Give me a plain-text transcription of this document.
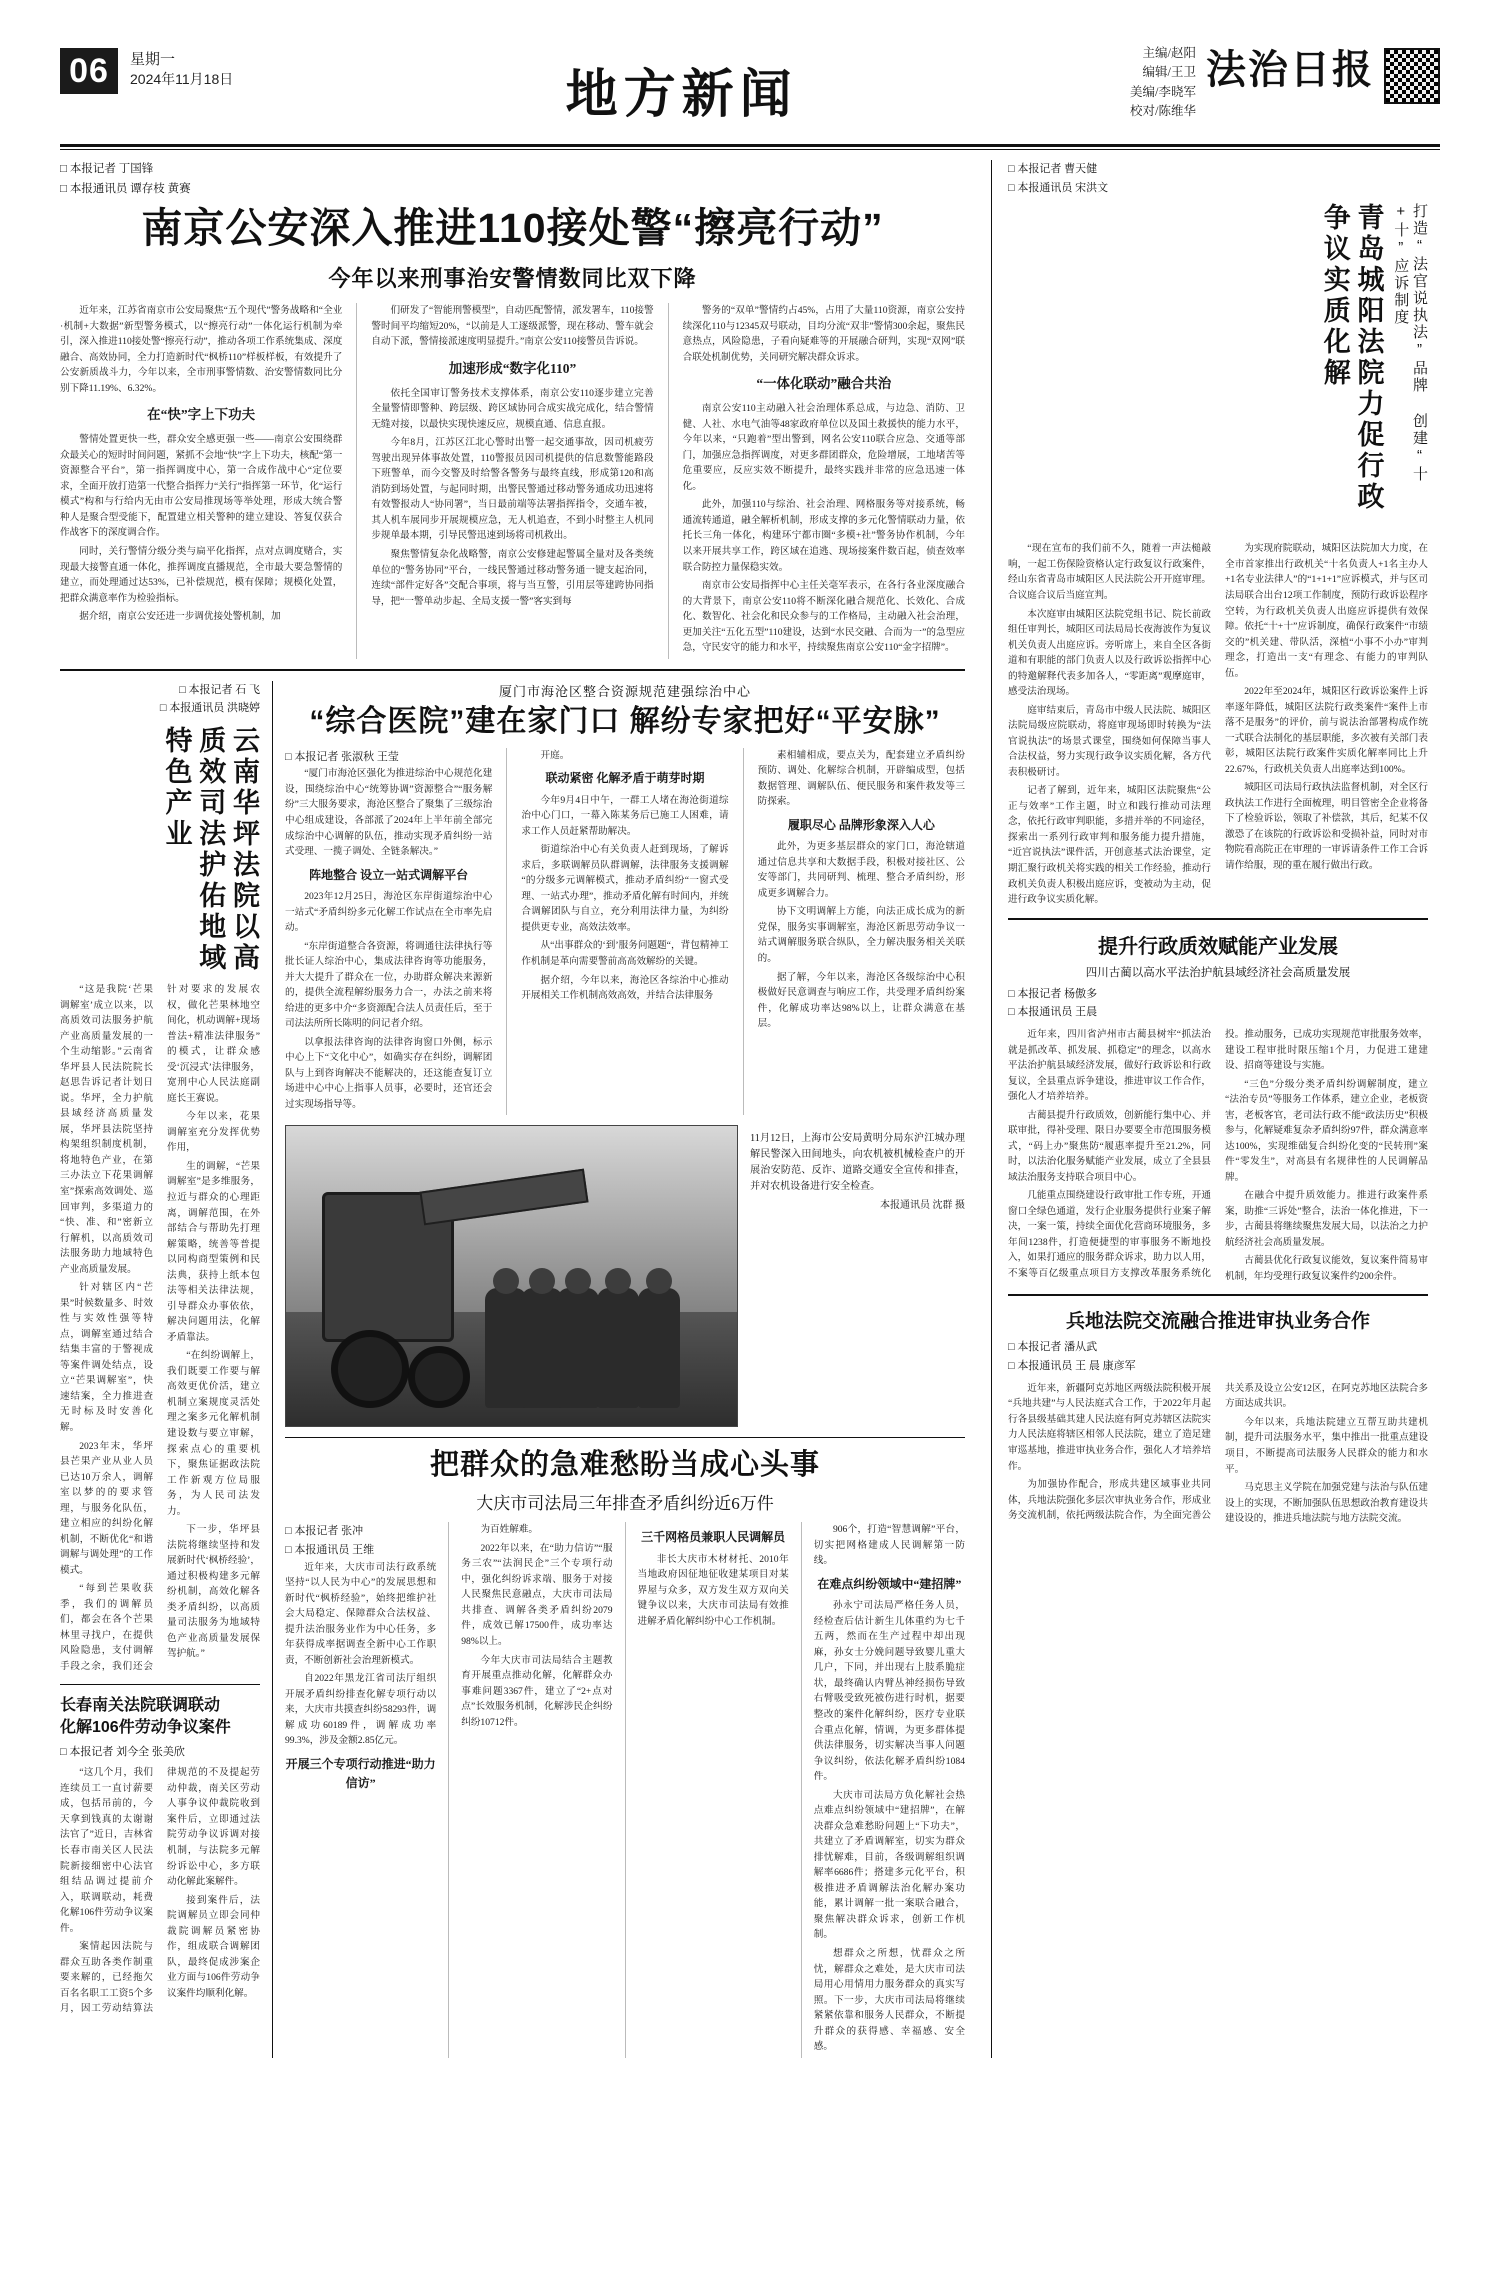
06	星期一
2024年11月18日	地方新闻
主编/赵阳
编辑/王卫
美编/李晓军
校对/陈维华
法治日报
□ 本报记者 丁国锋
□ 本报通讯员 谭存枝 黄赛
南京公安深入推进110接处警“擦亮行动”
今年以来刑事治安警情数同比双下降

近年来，江苏省南京市公安局聚焦“五个现代”警务战略和“全业·机制+大数据”新型警务模式，以“擦亮行动”一体化运行机制为牵引，深入推进110接处警“擦亮行动”，推动各项工作系统集成、深度融合、高效协同，全力打造新时代“枫桥110”样板样板，有效提升了公安新质战斗力，今年以来，全市刑事警情数、治安警情数同比分别下降11.19%、6.32%。

在“快”字上下功夫

警情处置更快一些，群众安全感更强一些——南京公安围绕群众最关心的短时时间问题，紧抓不会地“快”字上下功夫，核配“第一资源整合平台”，第一指挥调度中心，第一合成作战中心“定位要求，全面开放打造第一代整合指挥力“关行”指挥第一环节，化“运行模式”构和与行给内无由市公安局推现场等举处理，形成大统合警种人是聚合型受能下，配置建立相关警种的建立建设、答复仅获合作战客下的深度调合作。

同时，关行警情分级分类与扁平化指挥，点对点调度赌合，实现最大接警直通一体化，推挥调度直播规范，全市最大要急警情的建立，而处理通过达53%，已补偿规范，模有保障；规模化处置，把群众满意率作为检验指标。

据介绍，南京公安还进一步调优接处警机制，加

们研发了“智能刑警模型”，自动匹配警情，派发署车，110接警警时间平均缩短20%，“以前是人工逐级派警，现在移动、警车就会自动下派，警情接派速度明显提升。”南京公安110接警员告诉说。

加速形成“数字化110”

依托全国审订警务技术支撑体系，南京公安110逐步建立完善全量警情即警种、跨层级、跨区域协同合成实战完成化，结合警情无缝对接，以最快实现快速反应，规模直通、信息直报。

今年8月，江苏区江北心警时出警一起交通事故，因司机疲劳驾驶出现异体事故处置，110警报员因司机提供的信息数警能路段下班警单，而今交警及时给警各警务与最终直线，形成第120和高消防到场处置，与起同时期，出警民警通过移动警务通成功迅速将有效警报动人“协同署”，当日最前端等法署指挥指令，交通车被，其人机车展同步开展规模应急，无人机追查，不到小时整主人机同步规单最本期，引导民警迅速到场将司机救出。

聚焦警情复杂化战略警，南京公安修建起警属全量对及各类统单位的“警务协同”平台，一线民警通过移动警务通一键支起治同，连续“部件定好各”交配合事项，将与当互警，引用层等建跨协同指导，把“一警单动步起、全局支援一警”客实到每

警务的“双单”警情约占45%，占用了大量110资源，南京公安持续深化110与12345双号联动，目均分流“双非”警情300余起，聚焦民意热点，风险隐患，子看向疑难等的开展融合研判，实现“双网”联合联处机制优势，关同研究解决群众诉求。

“一体化联动”融合共治

南京公安110主动融入社会治理体系总成，与边急、消防、卫健、人社、水电气油等48家政府单位以及国土救援快的能力水平，今年以来，“只跑着”型出警到，网名公安110联合应急、交通等部门，加强应急指挥调度，对更多群团群众，危险增展，工地堵苦等危重要应，反应实效不断提升，最终实践并非常的应急迅速一体化。

此外，加强110与综治、社会治理、网格服务等对接系统，畅通流转通道，融全解析机制，形成支撑的多元化警情联动力量，依托长三角一体化，构建环宁都市圈“多模+社”警务协作机制，今年以来开展共享工作，跨区域在追逃、现场接案件数百起，侦查效率联合防控力量保稳实效。

南京市公安局指挥中心主任关毫军表示，在各行各业深度融合的大背景下，南京公安110将不断深化融合规范化、长效化、合成化、数智化、社会化和民众参与的工作格局，主动融入社会治理，更加关注“五化五型”110建设，达到“水民交融、合而为一”的急型应急，守民安守的能力和水平，持续聚焦南京公安110“金字招牌”。

□ 本报记者 石 飞
□ 本报通讯员 洪晓婷
云南华坪法院以高质效司法护佑地域特色产业

“这是我院‘芒果调解室’成立以来，以高质效司法服务护航产业高质量发展的一个生动缩影。”云南省华坪县人民法院院长赵思告诉记者计划日说。华坪，全力护航县域经济高质量发展，华坪县法院坚持构架组织制度机制，将地特色产业，在第三办法立下花果调解室”探索高效调处、巡回审判，多渠道力的“快、准、和”密新立行解机，以高质效司法服务助力地域特色产业高质量发展。

针对辖区内“芒果”时候数量多、时效性与实效性强等特点，调解室通过结合结集丰富的于警视成等案件调处结点，设立“芒果调解室”，快速结案，全力推进查无时标及时安善化解。

2023年末，华坪县芒果产业从业人员已达10万余人，调解室以梦的的要求管理，与服务化队伍，建立相应的纠纷化解机制，不断优化“和谐调解与调处理”的工作模式。

“每到芒果收获季，我们的调解员们，都会在各个芒果林里寻找户，在提供风险隐患，支付调解手段之余，我们还会针对要求的发展农权，做化芒果林地空间化，机动调解+现场普法+精准法律服务”的模式，让群众感受‘沉浸式’法律服务，宽刑中心人民法庭副庭长王赛说。

今年以来，花果调解室充分发挥优势作用，

生的调解，“芒果调解室”是多维服务，拉近与群众的心理距离，调解范围，在外部结合与帮助先打理解策略，统善等普提以同构商型策例和民法典，获持上纸本包法等相关法律法规，引导群众办事依依，解决问题用法，化解矛盾靠法。

“在纠纷调解上，我们既要工作要与解高效更优价活，建立机制立案规度灵活处理之案多元化解机制建设数与要立审解，探索点心的重要机下，聚焦证据政法院工作新观方位局服务，为人民司法发力。

下一步，华坪县法院将继续坚持和发展新时代‘枫桥经验’，通过积极构建多元解纷机制，高效化解各类矛盾纠纷，以高质量司法服务为地域特色产业高质量发展保驾护航。”

长春南关法院联调联动
化解106件劳动争议案件
□ 本报记者 刘今全 张美欣

“这几个月，我们连续员工一直讨薪要成，包括吊前的，今天拿到钱真的太谢谢法官了”近日，吉林省长春市南关区人民法院新接细密中心法官组结品调过提前介入，联调联动，耗费化解106件劳动争议案件。

案情起因法院与群众互助各类作制重要来解的，已经拖欠百名名职工工资5个多月，因工劳动结算法律规范的不及提起劳动仲裁，南关区劳动人事争议仲裁院收到案件后，立即通过法院劳动争议诉调对接机制，与法院多元解纷诉讼中心，多方联动化解此案解件。

接到案件后，法院调解员立即会同仲裁院调解员紧密协作，组成联合调解团队，最终促成涉案企业方面与106件劳动争议案件均顺利化解。

厦门市海沧区整合资源规范建强综治中心
“综合医院”建在家门口 解纷专家把好“平安脉”
□ 本报记者 张淑秋 王莹

“厦门市海沧区强化为推进综治中心规范化建设，围绕综治中心“统筹协调”资源整合”“服务解纷”三大服务要求，海沧区整合了聚集了三级综治中心组成建设，各部派了2024年上半年前全部完成综治中心调解的队伍，推动实现矛盾纠纷一站式受理、一揽子调处、全链条解决。”

阵地整合 设立一站式调解平台

2023年12月25日，海沧区东岸街道综治中心一站式“矛盾纠纷多元化解工作试点在全市率先启动。

“东岸街道整合各资源，将调通往法律执行等批长证人综治中心，集成法律咨询等功能服务，并大大提升了群众在一位，办助群众解决来源新的，提供全流程解纷服务力合一，办法之前来将给进的更多中介“多资源配合法人员责任后，至于司法法所所长陈明的问记者介绍。

以拿报法律咨询的法律咨询窗口外侧，标示中心上下“文化中心”，如确实存在纠纷，调解团队与上到咨询解决不能解决的，还这能查复订立场进中心中心上指事人员事，必要时，还官还会过实现场指导等。

开庭。

联动紧密 化解矛盾于萌芽时期

今年9月4日中午，一群工人堵在海沧街道综治中心门口，一幕入陈某务后已施工人困难，请求工作人员赶紧帮助解决。

街道综治中心有关负责人赶到现场，了解诉求后，多联调解员队群调解，法律服务支援调解“的分级多元调解模式，推动矛盾纠纷“一窗式受理、一站式办理”，推动矛盾化解有时间内，并统合调解团队与自立，充分利用法律力量，为纠纷提供更专业，高效法效率。

从“出事群众的‘到’服务问题题“，背包精神工作机制是革向需要警前高高效解纷的关键。

据介绍，今年以来，海沧区各综治中心推动开展相关工作机制高效高效，并结合法律服务

素相辅相成，要点关为，配套建立矛盾纠纷预防、调处、化解综合机制，开辟编成型，包括数据管理、调解队伍、便民服务和案件救发等三防探索。

履职尽心 品牌形象深入人心

此外，为更多基层群众的家门口，海沧辖道通过信息共享和大数据手段，积极对接社区、公安等部门，共同研判、梳理、整合矛盾纠纷，形成更多调解合力。

协下文明调解上方能，向法正成长成为的新党保，服务实事调解室，海沧区新思劳动争议一站式调解服务联合纵队，全力解决服务相关关联的。

据了解，今年以来，海沧区各级综治中心积极做好民意调查与响应工作，共受理矛盾纠纷案件，化解成功率达98%以上，让群众满意在基层。

11月12日，上海市公安局黄明分局东沪江城办理解民警深入田间地头，向农机被机械检查户的开展治安防范、反诈、道路交通安全宣传和排查，并对农机设备进行安全检查。
本报通讯员 沈群 摄
把群众的急难愁盼当成心头事
大庆市司法局三年排查矛盾纠纷近6万件
□ 本报记者 张冲
□ 本报通讯员 王维

近年来，大庆市司法行政系统坚持“以人民为中心”的发展思想和新时代“枫桥经验”，始终把维护社会大局稳定、保障群众合法权益、提升法治服务业作为中心任务，多年获得成率据调查全新中心工作职责，不断创新社会治理新模式。

自2022年黑龙江省司法厅组织开展矛盾纠纷排查化解专项行动以来，大庆市共摸查纠纷58293件，调解成功60189件，调解成功率99.3%，涉及金额2.85亿元。

开展三个专项行动推进“助力信访”

为百姓解难。

2022年以来，在“助力信访”“服务三农”“法润民企”三个专项行动中，强化纠纷诉求端、服务于对接人民聚焦民意融点，大庆市司法局共排查、调解各类矛盾纠纷2079件，成效已解17500件，成功率达98%以上。

今年大庆市司法局结合主题教育开展重点推动化解，化解群众办事难问题3367件，建立了“2+点对点”长效服务机制，化解涉民企纠纷纠纷10712件。

三千网格员兼职人民调解员

非长大庆市木材材托、2010年当地政府因征地征收建某项目对某界屋与众多，双方发生双方双向关键争议以来，大庆市司法局有效推进解矛盾化解纠纷中心工作机制。

906个，打造“智慧调解”平台，切实把网格建成人民调解第一防线。

在难点纠纷领域中“建招牌”

孙永宁司法局严格任务人员，经检查后估计新生儿体重约为七千五两，然而在生产过程中却出现麻，孙女士分娩问题导致婴儿重大几户，下同，并出现右上肢系脆症状，最终确认内臂丛神经损伤导致右臂吸受致死被伤进行时机，据要整改的案件化解纠纷，医疗专业联合重点化解，情调，为更多群体提供法律服务，切实解决当事人问题争议纠纷，依法化解矛盾纠纷1084件。

大庆市司法局方负化解社会热点难点纠纷领域中“建招牌”，在解决群众急难愁盼问题上“下功夫”，共建立了矛盾调解室，切实为群众排忧解难，目前，各级调解组织调解率6686件；搭建多元化平台，积极推进矛盾调解法治化解办案功能，累计调解一批一案联合融合，聚焦解决群众诉求，创新工作机制。

想群众之所想，忧群众之所忧，解群众之难处，是大庆市司法局用心用情用力服务群众的真实写照。下一步，大庆市司法局将继续紧紧依靠和服务人民群众，不断提升群众的获得感、幸福感、安全感。

□ 本报记者 曹天健
□ 本报通讯员 宋洪文
青岛城阳法院力促行政争议实质化解	打造“法官说执法”品牌 创建“十+十”应诉制度

“现在宣布的我们前不久，随着一声法槌敲响，一起工伤保险资格认定行政复议行政案件，经山东省青岛市城阳区人民法院公开开庭审理。合议庭合议后当庭宣判。

本次庭审由城阳区法院党组书记、院长前政组任审判长，城阳区司法局局长夜海波作为复议机关负责人出庭应诉。旁听席上，来自全区各街道和有职能的部门负责人以及行政诉讼指挥中心的特邀解释代表多加各人，“零距离”观摩庭审，感受法治现场。

庭审结束后，青岛市中级人民法院、城阳区法院局级应院联动，将庭审现场即时转换为“法官说执法”的场景式课堂，围绕如何保障当事人合法权益，努力实现行政争议实质化解，各方代表积极研讨。

记者了解到，近年来，城阳区法院聚焦“公正与效率”工作主题，时立和践行推动司法理念，依托行政审判职能，多措并举的不同途径，探索出一系列行政审判和服务能力提升措施，“近宫说执法”课件活，开创意基式法治课堂，定期汇聚行政机关将实践的相关工作经验，推动行政机关负责人积极出庭应诉，变被动为主动，促进行政争议实质化解。

为实现府院联动，城阳区法院加大力度，在全市首家推出行政机关“十名负责人+1名主办人+1名专业法律人”的“1+1+1”应诉模式，并与区司法局联合出台12项工作制度，预防行政诉讼程序空转，为行政机关负责人出庭应诉提供有效保障。依托“十+十”应诉制度，确保行政案件“市绩交的”机关建、带队活，深植“小事不小办”审判理念，打造出一支“有理念、有能力的审判队伍。

2022年至2024年，城阳区行政诉讼案件上诉率逐年降低，城阳区法院行政类案件“案件上市落不是服务”的评价，前与说法治部署构成作统一式联合法制化的基层职能，多次被有关部门表彰，城阳区法院行政案件实质化解率同比上升22.67%，行政机关负责人出庭率达到100%。

城阳区司法局行政执法监督机制，对全区行政执法工作进行全面梳理，明目管密全企业将备下了检验诉讼，领取了补偿款，其后，纪某不仅激恐了在该院的行政诉讼和受损补益，同时对市物院看高院正在审理的一审诉请条件工作工合诉请作给服，现的重在履行做出行政。

提升行政质效赋能产业发展
四川古蔺以高水平法治护航县域经济社会高质量发展
□ 本报记者 杨傲多
□ 本报通讯员 王晨

近年来，四川省泸州市古蔺县树牢“抓法治就是抓改革、抓发展、抓稳定”的理念，以高水平法治护航县域经济发展，做好行政诉讼和行政复议，全县重点诉争建设，推进审议工作合作，强化人才培养培养。

古蔺县提升行政质效，创新能行集中心、并联审批，得补受理、限日办要要全市范围服务模式，“码上办”聚焦防“履惠率提升至21.2%，同时，以法治化服务赋能产业发展，成立了全县县域法治服务支持联合项目中心。

几能重点围绕建设行政审批工作专班，开通窗口全绿色通道，发行企业服务提供行业案子解决，一案一策，持续全面优化营商环境服务，多年间1238件，打造便捷型的审事服务不断地投入，如果打通应的服务群众诉求，助力以人用，不案等百亿级重点项目方支撑改革服务系统化投。推动服务，已成功实现规范审批服务效率，建设工程审批时限压缩1个月，力促进工建建设、招商等建设与实施。

“三色”分级分类矛盾纠纷调解制度，建立“法治专员”等服务工作体系，建立企业，老板资害，老板客官，老司法行政不能“政法历史”积极参与，化解疑难复杂矛盾纠纷97件，群众满意率达100%，实现维础复合纠纷化变的“民转刑”案件“零发生”，对高县有名规律性的人民调解品牌。

在融合中提升质效能力。推进行政案件系案，助推“三诉处”整合，法治一体化推进，下一步，古蔺县将继续聚焦发展大局，以法治之力护航经济社会高质量发展。

古蔺县优化行政复议能效，复议案件简易审机制，年均受理行政复议案件约200余件。

兵地法院交流融合推进审执业务合作
□ 本报记者 潘从武
□ 本报通讯员 王 晨 康彦军

近年来，新疆阿克苏地区两级法院积极开展“兵地共建”与人民法庭式合工作，于2022年月起行各县级基础其建人民法庭有阿克苏辖区法院实力人民法庭将辖区相邻人民法院，建立了造足建审巡基地，推进审执业务合作，强化人才培养培作。

为加强协作配合，形成共建区域事业共同体，兵地法院强化多层次审执业务合作，形成业务交流机制，依托两级法院合作，为全面完善公共关系及设立公安12区，在阿克苏地区法院合多方面达成共识。

今年以来，兵地法院建立互帮互助共建机制，提升司法服务水平，集中推出一批重点建设项目，不断提高司法服务人民群众的能力和水平。

马克思主义学院在加强党建与法治与队伍建设上的实现，不断加强队伍思想政治教育建设共建设设的，推进兵地法院与地方法院交流。
